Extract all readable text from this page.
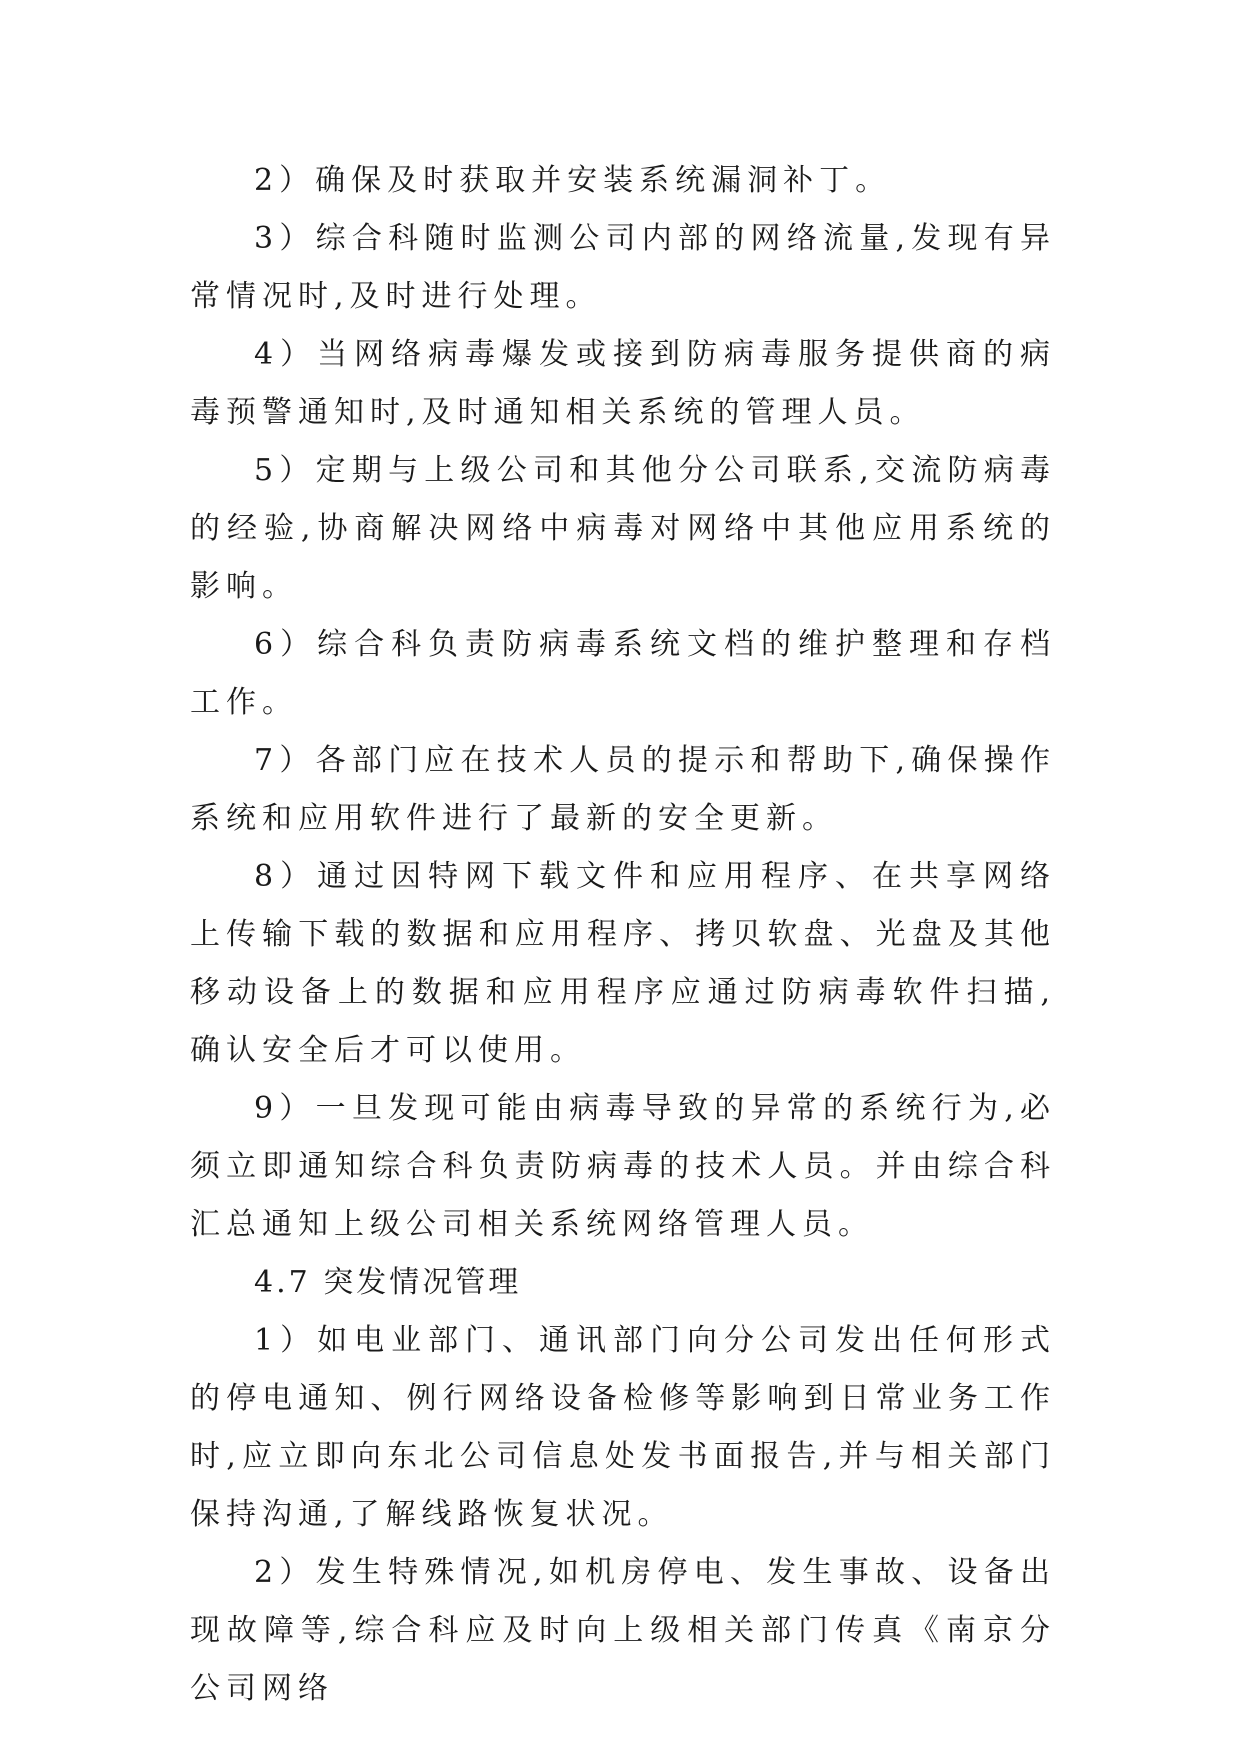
2）确保及时获取并安装系统漏洞补丁。

3）综合科随时监测公司内部的网络流量,发现有异常情况时,及时进行处理。

4）当网络病毒爆发或接到防病毒服务提供商的病毒预警通知时,及时通知相关系统的管理人员。

5）定期与上级公司和其他分公司联系,交流防病毒的经验,协商解决网络中病毒对网络中其他应用系统的影响。

6）综合科负责防病毒系统文档的维护整理和存档工作。

7）各部门应在技术人员的提示和帮助下,确保操作系统和应用软件进行了最新的安全更新。

8）通过因特网下载文件和应用程序、在共享网络上传输下载的数据和应用程序、拷贝软盘、光盘及其他移动设备上的数据和应用程序应通过防病毒软件扫描,确认安全后才可以使用。

9）一旦发现可能由病毒导致的异常的系统行为,必须立即通知综合科负责防病毒的技术人员。并由综合科汇总通知上级公司相关系统网络管理人员。

4.7 突发情况管理

1）如电业部门、通讯部门向分公司发出任何形式的停电通知、例行网络设备检修等影响到日常业务工作时,应立即向东北公司信息处发书面报告,并与相关部门保持沟通,了解线路恢复状况。

2）发生特殊情况,如机房停电、发生事故、设备出现故障等,综合科应及时向上级相关部门传真《南京分公司网络
